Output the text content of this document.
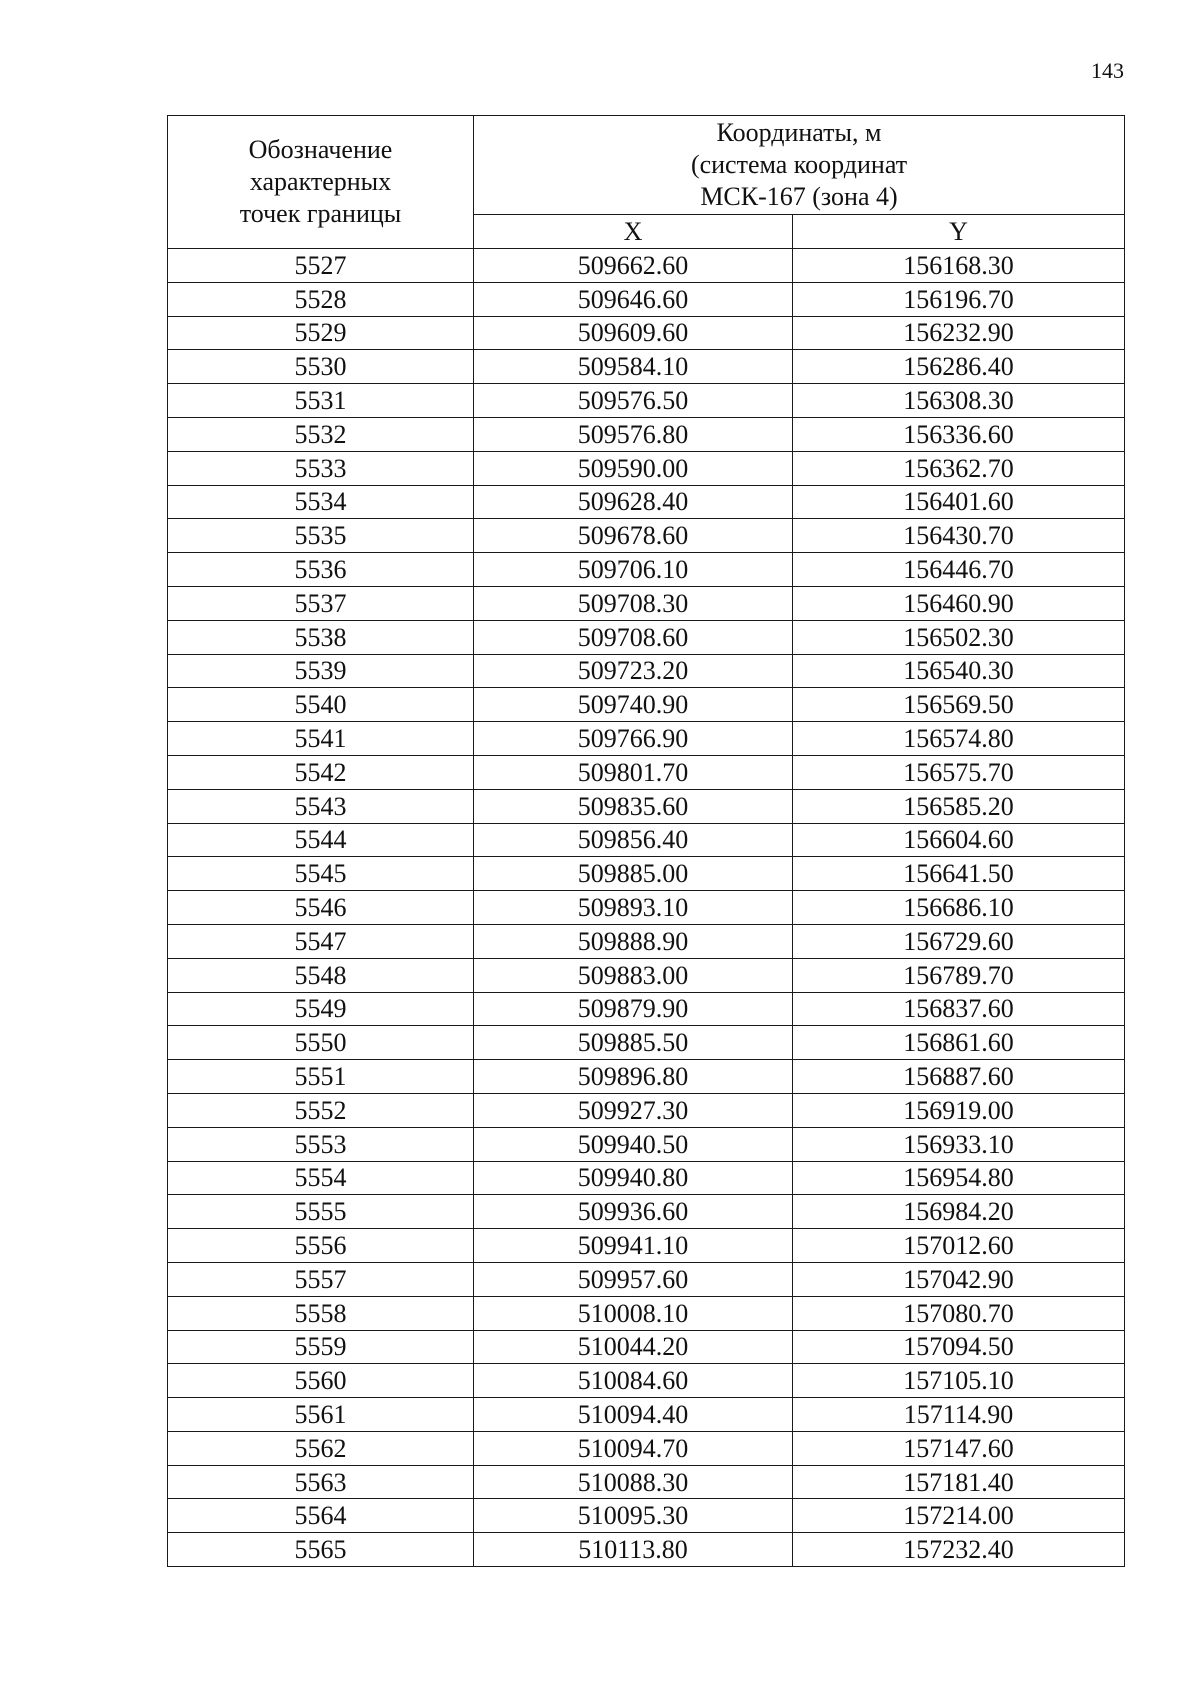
143
Обозначение
характерных
точек границы	Координаты, м
(система координат
МСК-167 (зона 4)	

	X	Y
5527	509662.60	156168.30
5528	509646.60	156196.70
5529	509609.60	156232.90
5530	509584.10	156286.40
5531	509576.50	156308.30
5532	509576.80	156336.60
5533	509590.00	156362.70
5534	509628.40	156401.60
5535	509678.60	156430.70
5536	509706.10	156446.70
5537	509708.30	156460.90
5538	509708.60	156502.30
5539	509723.20	156540.30
5540	509740.90	156569.50
5541	509766.90	156574.80
5542	509801.70	156575.70
5543	509835.60	156585.20
5544	509856.40	156604.60
5545	509885.00	156641.50
5546	509893.10	156686.10
5547	509888.90	156729.60
5548	509883.00	156789.70
5549	509879.90	156837.60
5550	509885.50	156861.60
5551	509896.80	156887.60
5552	509927.30	156919.00
5553	509940.50	156933.10
5554	509940.80	156954.80
5555	509936.60	156984.20
5556	509941.10	157012.60
5557	509957.60	157042.90
5558	510008.10	157080.70
5559	510044.20	157094.50
5560	510084.60	157105.10
5561	510094.40	157114.90
5562	510094.70	157147.60
5563	510088.30	157181.40
5564	510095.30	157214.00
5565	510113.80	157232.40
